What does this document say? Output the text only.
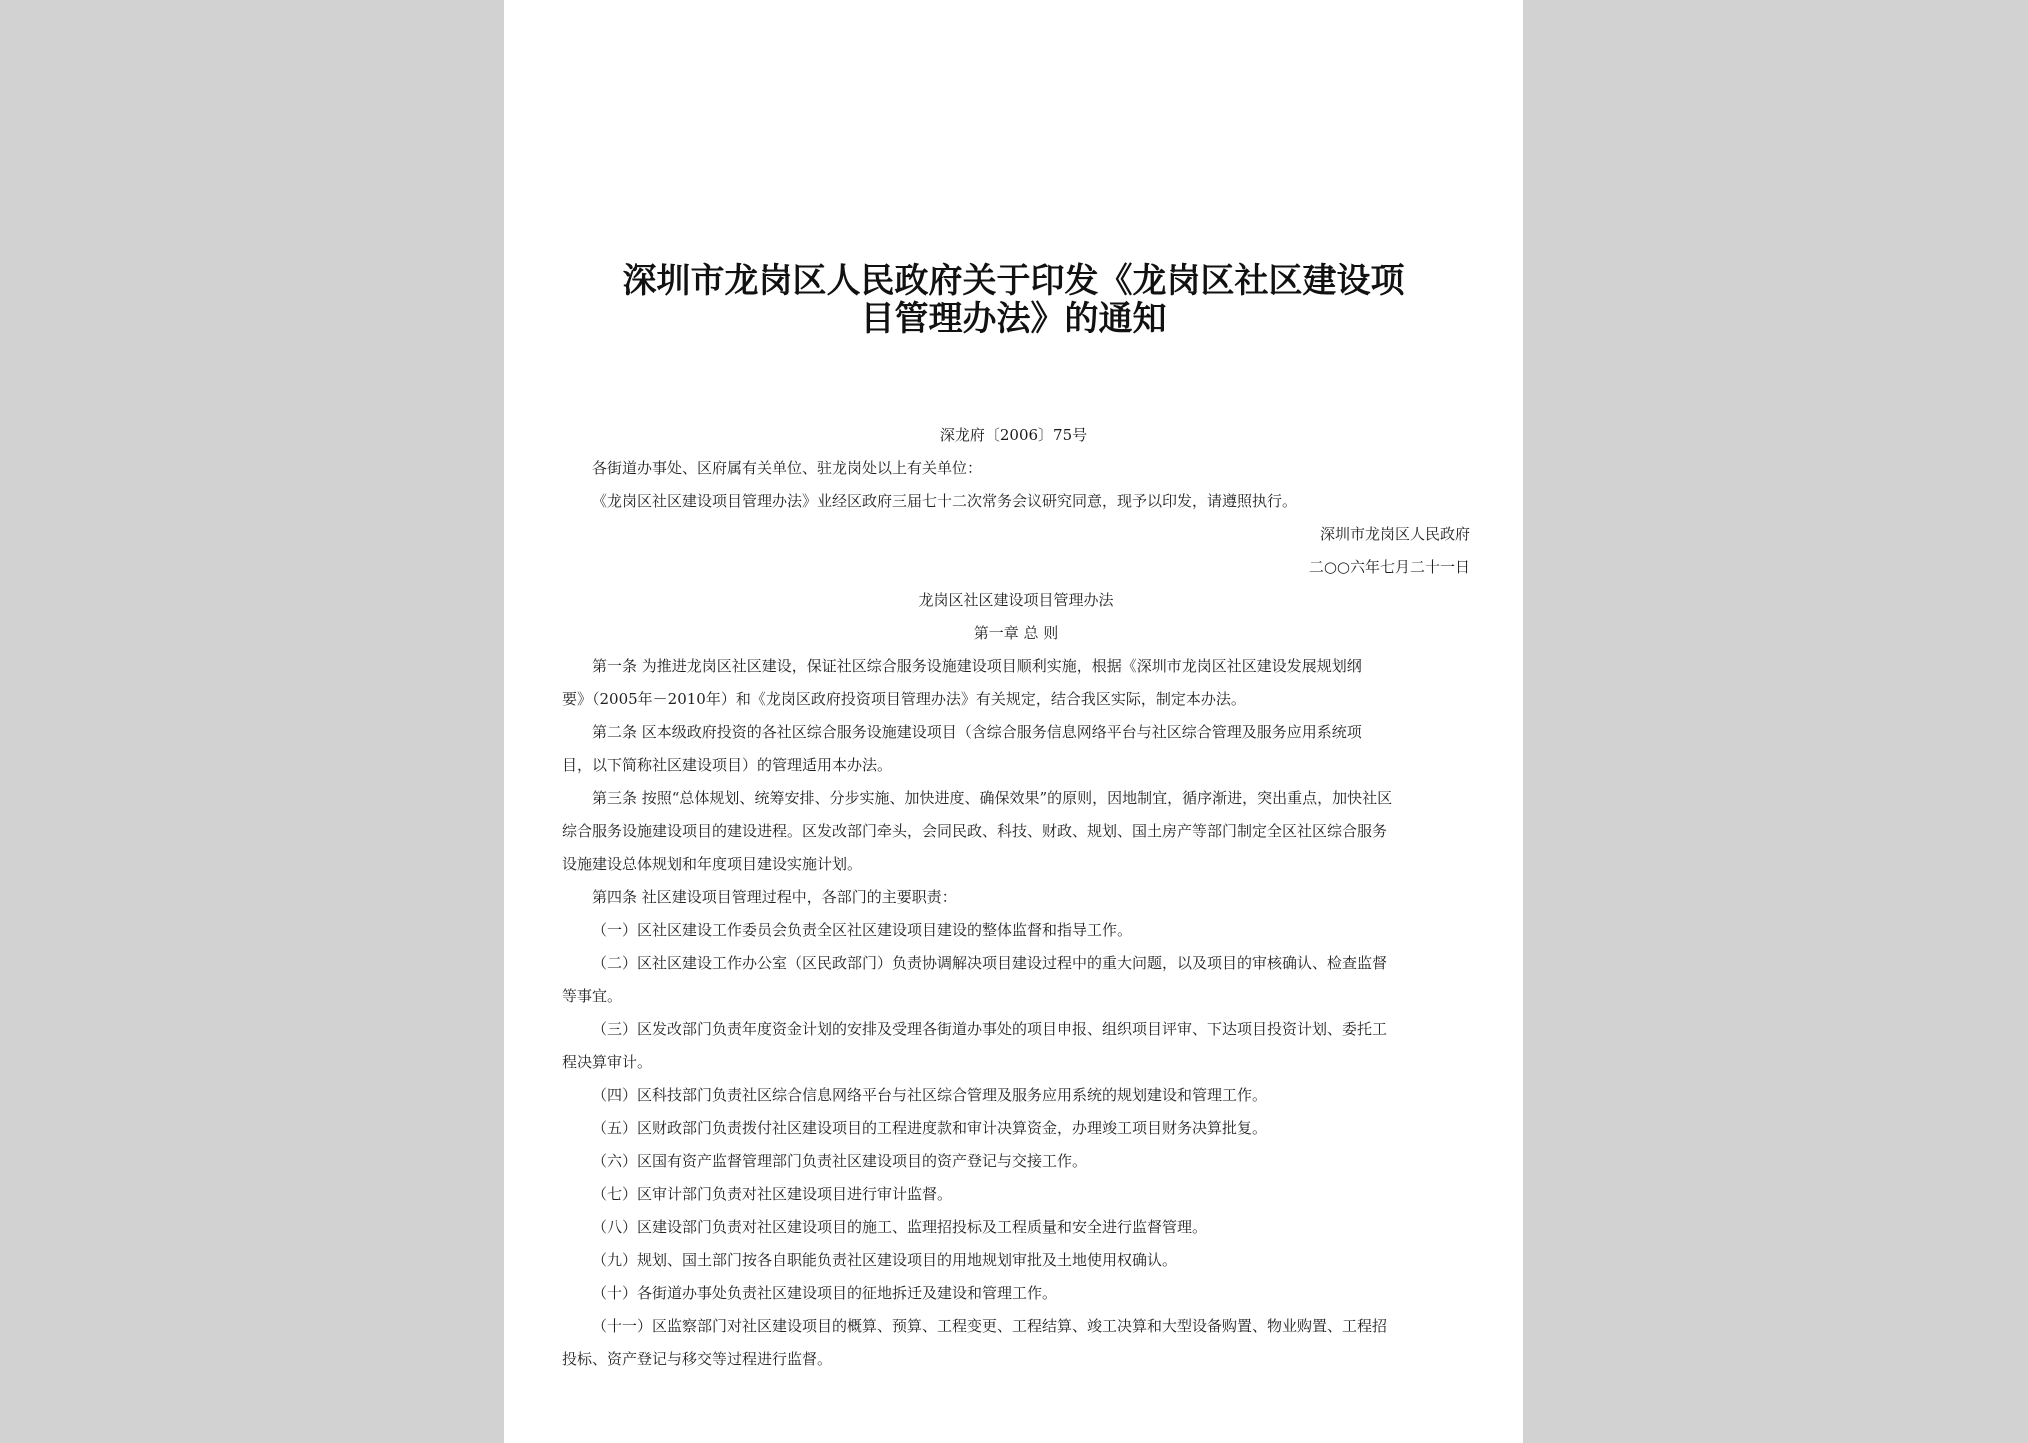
深圳市龙岗区人民政府关于印发《龙岗区社区建设项
目管理办法》的通知
深龙府〔2006〕75号

各街道办事处、区府属有关单位、驻龙岗处以上有关单位：

《龙岗区社区建设项目管理办法》业经区政府三届七十二次常务会议研究同意，现予以印发，请遵照执行。

深圳市龙岗区人民政府

二○○六年七月二十一日

龙岗区社区建设项目管理办法

第一章 总 则

第一条 为推进龙岗区社区建设，保证社区综合服务设施建设项目顺利实施，根据《深圳市龙岗区社区建设发展规划纲

要》（2005年－2010年）和《龙岗区政府投资项目管理办法》有关规定，结合我区实际，制定本办法。

第二条 区本级政府投资的各社区综合服务设施建设项目（含综合服务信息网络平台与社区综合管理及服务应用系统项

目，以下简称社区建设项目）的管理适用本办法。

第三条 按照“总体规划、统筹安排、分步实施、加快进度、确保效果”的原则，因地制宜，循序渐进，突出重点，加快社区

综合服务设施建设项目的建设进程。区发改部门牵头，会同民政、科技、财政、规划、国土房产等部门制定全区社区综合服务

设施建设总体规划和年度项目建设实施计划。

第四条 社区建设项目管理过程中，各部门的主要职责：

（一）区社区建设工作委员会负责全区社区建设项目建设的整体监督和指导工作。

（二）区社区建设工作办公室（区民政部门）负责协调解决项目建设过程中的重大问题，以及项目的审核确认、检查监督

等事宜。

（三）区发改部门负责年度资金计划的安排及受理各街道办事处的项目申报、组织项目评审、下达项目投资计划、委托工

程决算审计。

（四）区科技部门负责社区综合信息网络平台与社区综合管理及服务应用系统的规划建设和管理工作。

（五）区财政部门负责拨付社区建设项目的工程进度款和审计决算资金，办理竣工项目财务决算批复。

（六）区国有资产监督管理部门负责社区建设项目的资产登记与交接工作。

（七）区审计部门负责对社区建设项目进行审计监督。

（八）区建设部门负责对社区建设项目的施工、监理招投标及工程质量和安全进行监督管理。

（九）规划、国土部门按各自职能负责社区建设项目的用地规划审批及土地使用权确认。

（十）各街道办事处负责社区建设项目的征地拆迁及建设和管理工作。

（十一）区监察部门对社区建设项目的概算、预算、工程变更、工程结算、竣工决算和大型设备购置、物业购置、工程招

投标、资产登记与移交等过程进行监督。
